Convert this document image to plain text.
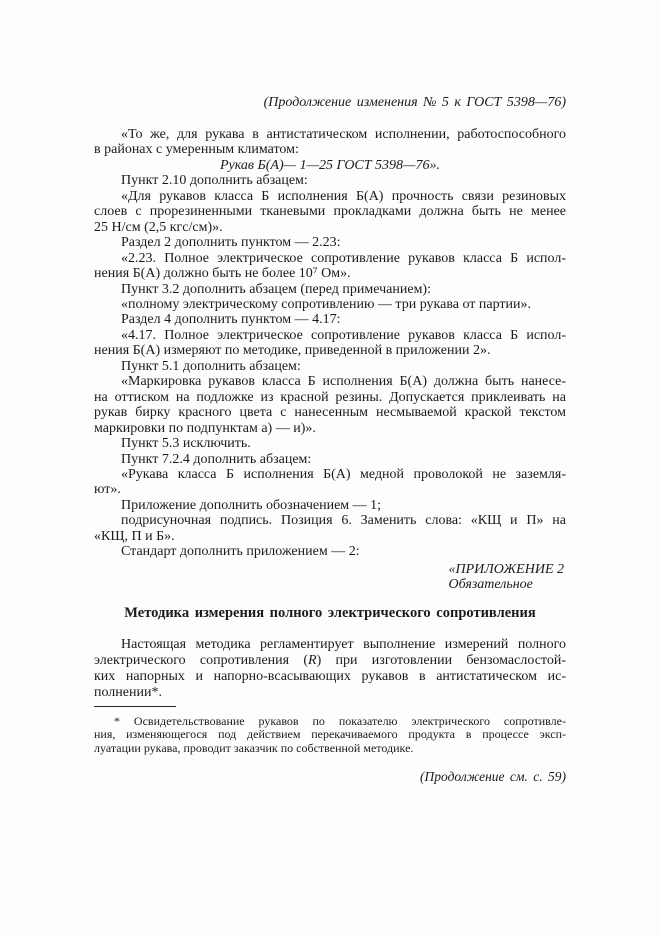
(Продолжение изменения № 5 к ГОСТ 5398—76)
«То же, для рукава в антистатическом исполнении, работоспособного
в районах с умеренным климатом:
Рукав Б(А)— 1—25 ГОСТ 5398—76».
Пункт 2.10 дополнить абзацем:
«Для рукавов класса Б исполнения Б(А) прочность связи резиновых
слоев с прорезиненными тканевыми прокладками должна быть не менее
25 Н/см (2,5 кгс/см)».
Раздел 2 дополнить пунктом — 2.23:
«2.23. Полное электрическое сопротивление рукавов класса Б испол-
нения Б(А) должно быть не более 10⁷ Ом».
Пункт 3.2 дополнить абзацем (перед примечанием):
«полному электрическому сопротивлению — три рукава от партии».
Раздел 4 дополнить пунктом — 4.17:
«4.17. Полное электрическое сопротивление рукавов класса Б испол-
нения Б(А) измеряют по методике, приведенной в приложении 2».
Пункт 5.1 дополнить абзацем:
«Маркировка рукавов класса Б исполнения Б(А) должна быть нанесе-
на оттиском на подложке из красной резины. Допускается приклеивать на
рукав бирку красного цвета с нанесенным несмываемой краской текстом
маркировки по подпунктам а) — и)».
Пункт 5.3 исключить.
Пункт 7.2.4 дополнить абзацем:
«Рукава класса Б исполнения Б(А) медной проволокой не заземля-
ют».
Приложение дополнить обозначением — 1;
подрисуночная подпись. Позиция 6. Заменить слова: «КЩ и П» на
«КЩ, П и Б».
Стандарт дополнить приложением — 2:
«ПРИЛОЖЕНИЕ 2
Обязательное
Методика измерения полного электрического сопротивления
Настоящая методика регламентирует выполнение измерений полного
электрического сопротивления (R) при изготовлении бензомаслостой-
ких напорных и напорно-всасывающих рукавов в антистатическом ис-
полнении*.
* Освидетельствование рукавов по показателю электрического сопротивле-
ния, изменяющегося под действием перекачиваемого продукта в процессе эксп-
луатации рукава, проводит заказчик по собственной методике.
(Продолжение см. с. 59)
